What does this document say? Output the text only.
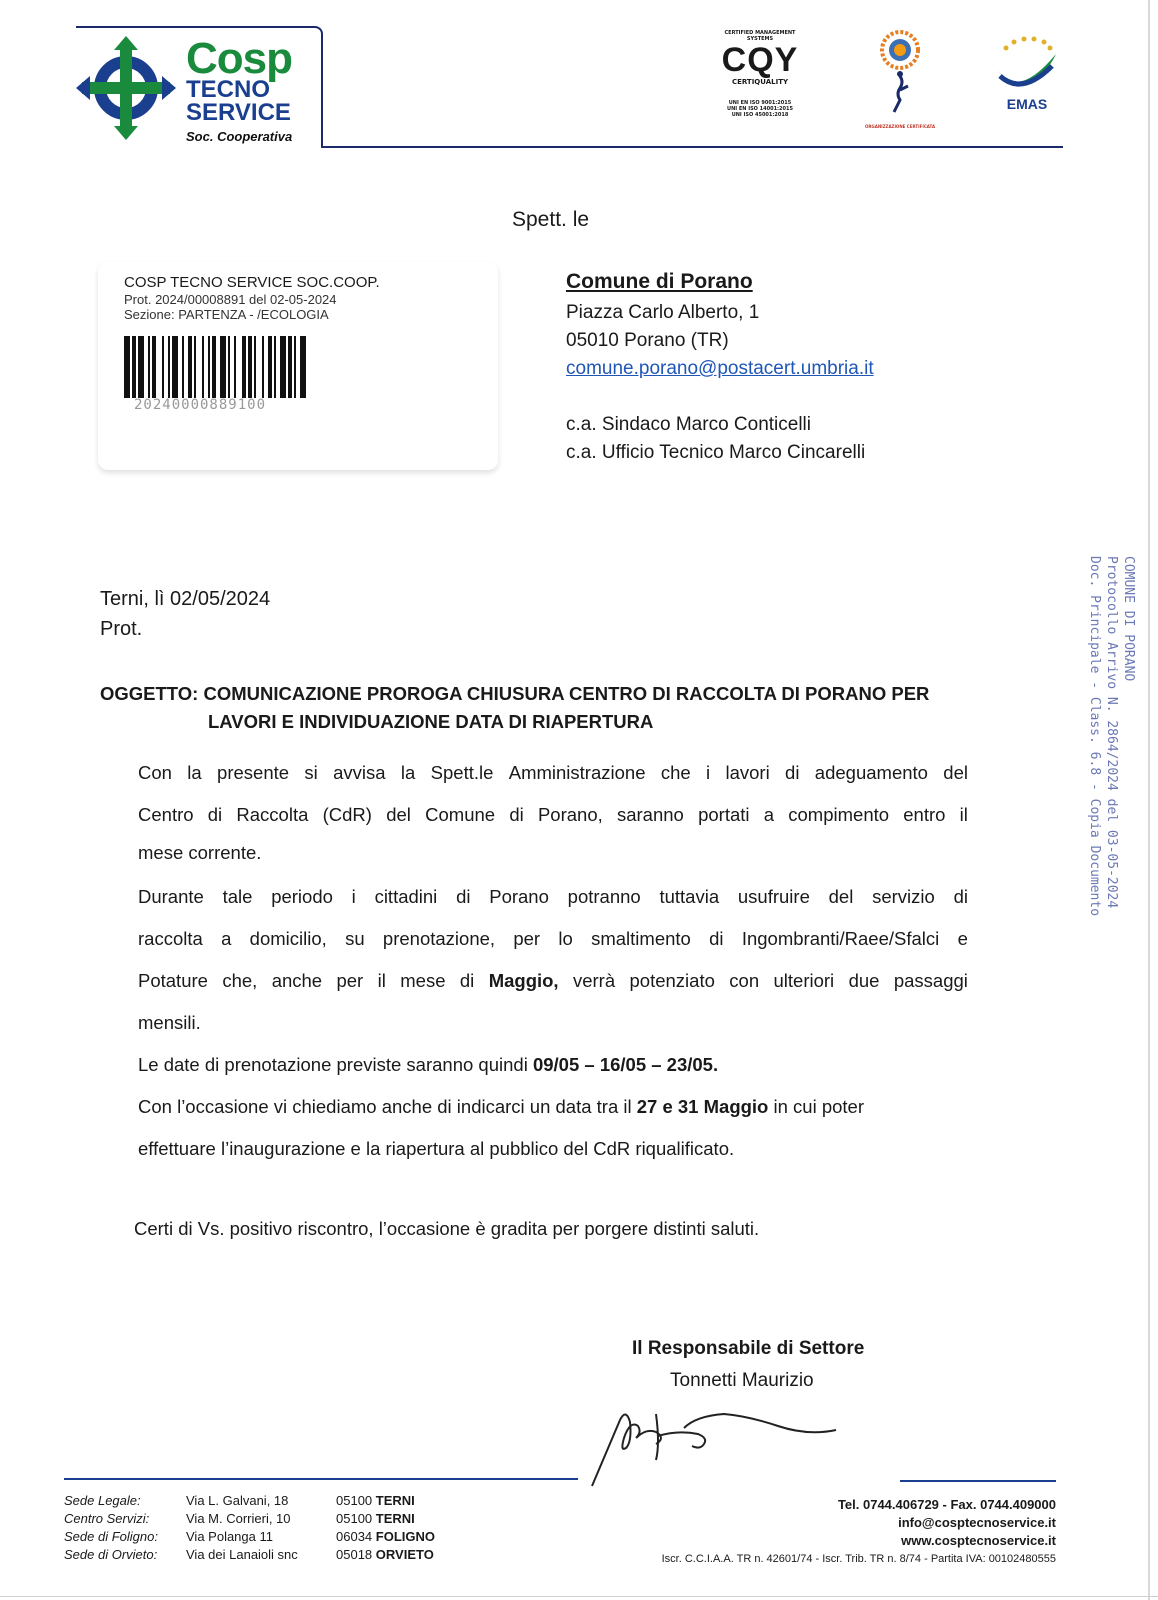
Cosp
TECNO
SERVICE
Soc. Cooperativa
CERTIFIED MANAGEMENT SYSTEMS
CQY
CERTIQUALITY
UNI EN ISO 9001:2015
UNI EN ISO 14001:2015
UNI ISO 45001:2018
ORGANIZZAZIONE CERTIFICATA
EMAS
Spett. le
Comune di Porano
Piazza Carlo Alberto, 1
05010 Porano (TR)
comune.porano@postacert.umbria.it
c.a. Sindaco Marco Conticelli
c.a. Ufficio Tecnico Marco Cincarelli
COSP TECNO SERVICE SOC.COOP.
Prot. 2024/00008891 del 02-05-2024
Sezione: PARTENZA - /ECOLOGIA
20240000889100
Terni, lì 02/05/2024
Prot.
OGGETTO: COMUNICAZIONE PROROGA CHIUSURA CENTRO DI RACCOLTA DI PORANO PER
LAVORI E INDIVIDUAZIONE DATA DI RIAPERTURA
Con la presente si avvisa la Spett.le Amministrazione che i lavori di adeguamento del
Centro di Raccolta (CdR) del Comune di Porano, saranno portati a compimento entro il
mese corrente.
Durante tale periodo i cittadini di Porano potranno tuttavia usufruire del servizio di
raccolta a domicilio, su prenotazione, per lo smaltimento di Ingombranti/Raee/Sfalci e
Potature che, anche per il mese di Maggio, verrà potenziato con ulteriori due passaggi
mensili.
Le date di prenotazione previste saranno quindi 09/05 – 16/05 – 23/05.
Con l’occasione vi chiediamo anche di indicarci un data tra il 27 e 31 Maggio in cui poter
effettuare l’inaugurazione e la riapertura al pubblico del CdR riqualificato.
Certi di Vs. positivo riscontro, l’occasione è gradita per porgere distinti saluti.
Il Responsabile di Settore
Tonnetti Maurizio
COMUNE DI PORANO
Protocollo Arrivo N. 2864/2024 del 03-05-2024
Doc. Principale - Class. 6.8 - Copia Documento
Sede Legale:	Via L. Galvani, 18	05100 TERNI
Centro Servizi:	Via M. Corrieri, 10	05100 TERNI
Sede di Foligno:	Via Polanga 11	06034 FOLIGNO
Sede di Orvieto:	Via dei Lanaioli snc	05018 ORVIETO
Tel. 0744.406729 - Fax. 0744.409000
info@cosptecnoservice.it
www.cosptecnoservice.it
Iscr. C.C.I.A.A. TR n. 42601/74 - Iscr. Trib. TR n. 8/74 - Partita IVA: 00102480555
